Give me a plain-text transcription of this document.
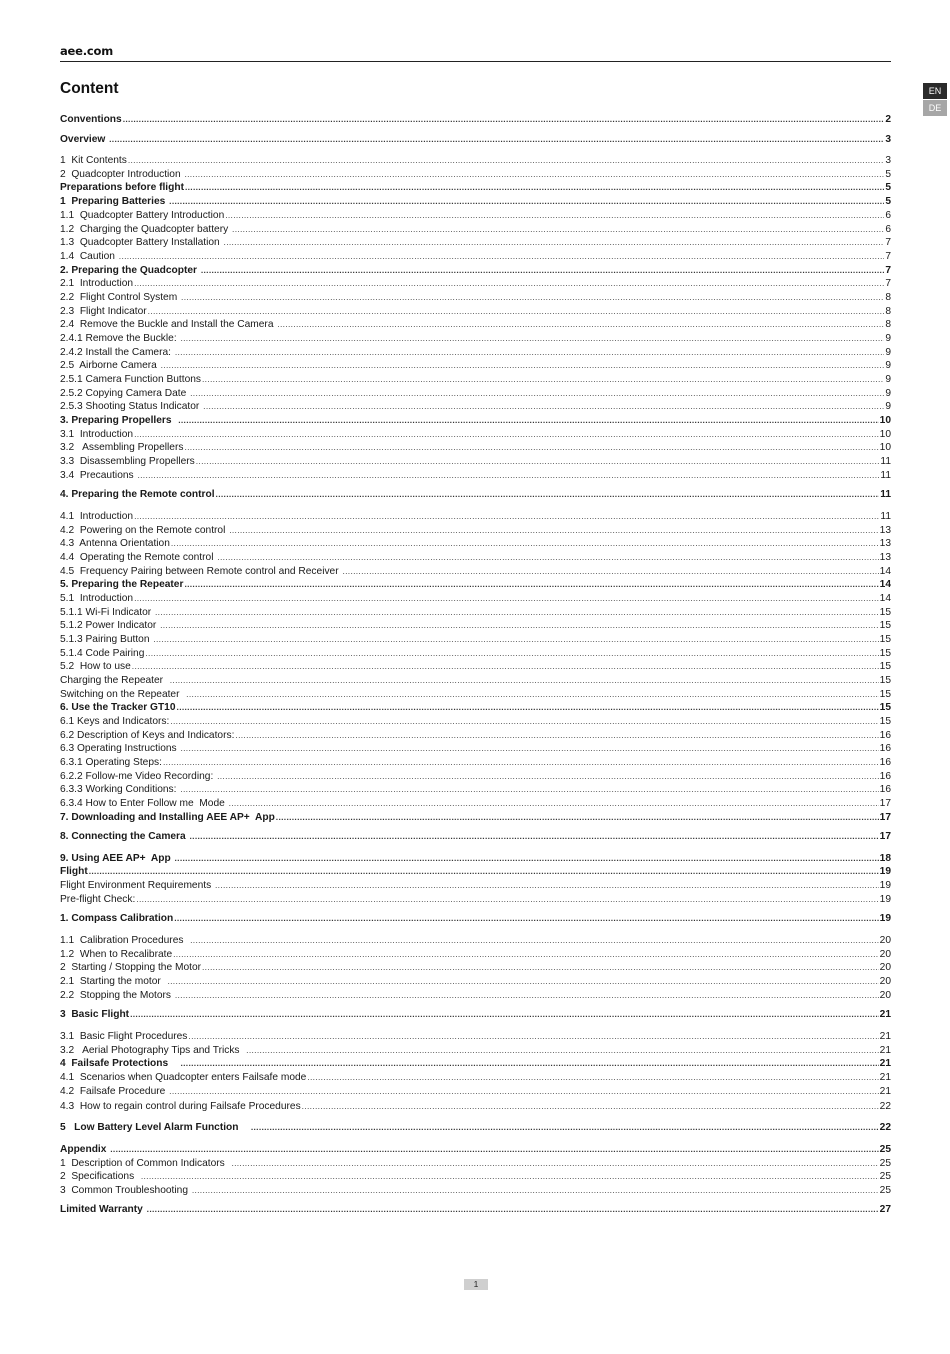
aee.com
Content	EN
DE
Conventions .....	2
Overview .....	3
1  Kit Contents .....	3
2  Quadcopter Introduction .....	5
Preparations before flight .....	5
1  Preparing Batteries .....	5
1.1  Quadcopter Battery Introduction .....	6
1.2  Charging the Quadcopter battery .....	6
1.3  Quadcopter Battery Installation .....	7
1.4  Caution .....	7
2. Preparing the Quadcopter .....	7
2.1  Introduction .....	7
2.2  Flight Control System .....	8
2.3  Flight Indicator .....	8
2.4  Remove the Buckle and Install the Camera .....	8
2.4.1 Remove the Buckle: .....	9
2.4.2 Install the Camera: .....	9
2.5  Airborne Camera .....	9
2.5.1 Camera Function Buttons .....	9
2.5.2 Copying Camera Date .....	9
2.5.3 Shooting Status Indicator .....	9
3. Preparing Propellers .....	10
3.1  Introduction .....	10
3.2   Assembling Propellers .....	10
3.3  Disassembling Propellers .....	11
3.4  Precautions .....	11
4. Preparing the Remote control .....	11
4.1  Introduction .....	11
4.2  Powering on the Remote control .....	13
4.3  Antenna Orientation .....	13
4.4  Operating the Remote control .....	13
4.5  Frequency Pairing between Remote control and Receiver .....	14
5. Preparing the Repeater .....	14
5.1  Introduction .....	14
5.1.1 Wi-Fi Indicator .....	15
5.1.2 Power Indicator .....	15
5.1.3 Pairing Button .....	15
5.1.4 Code Pairing .....	15
5.2  How to use .....	15
Charging the Repeater .....	15
Switching on the Repeater .....	15
6. Use the Tracker GT10 .....	15
6.1 Keys and Indicators: .....	15
6.2 Description of Keys and Indicators: .....	16
6.3 Operating Instructions .....	16
6.3.1 Operating Steps: .....	16
6.2.2 Follow-me Video Recording: .....	16
6.3.3 Working Conditions: .....	16
6.3.4 How to Enter Follow me  Mode .....	17
7. Downloading and Installing AEE AP+  App .....	17
8. Connecting the Camera .....	17
9. Using AEE AP+  App .....	18
Flight .....	19
Flight Environment Requirements .....	19
Pre-flight Check: .....	19
1. Compass Calibration .....	19
1.1  Calibration Procedures .....	20
1.2  When to Recalibrate .....	20
2  Starting / Stopping the Motor .....	20
2.1  Starting the motor .....	20
2.2  Stopping the Motors .....	20
3  Basic Flight .....	21
3.1  Basic Flight Procedures .....	21
3.2   Aerial Photography Tips and Tricks .....	21
4  Failsafe Protections .....	21
4.1  Scenarios when Quadcopter enters Failsafe mode .....	21
4.2  Failsafe Procedure .....	21
4.3  How to regain control during Failsafe Procedures .....	22
5   Low Battery Level Alarm Function .....	22
Appendix .....	25
1  Description of Common Indicators .....	25
2  Specifications .....	25
3  Common Troubleshooting .....	25
Limited Warranty .....	27
1
